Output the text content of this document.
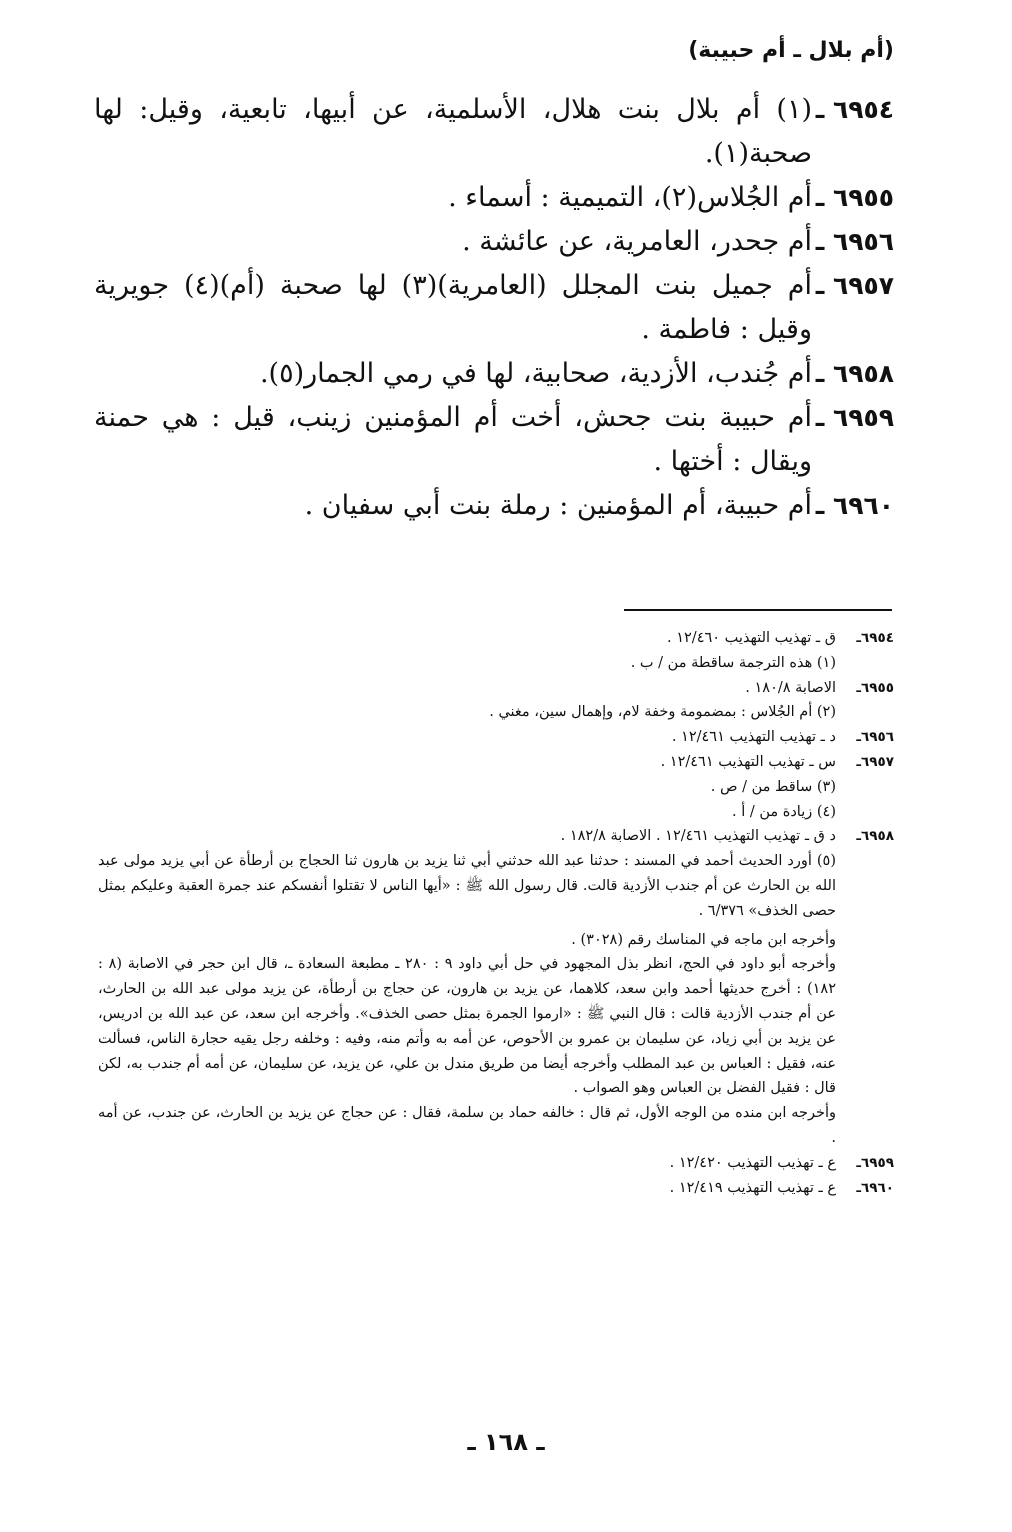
(أم بلال ـ أم حبيبة)
٦٩٥٤ ـ
(١) أم بلال بنت هلال، الأسلمية، عن أبيها، تابعية، وقيل: لها صحبة(١).
٦٩٥٥ ـ
أم الجُلاس(٢)، التميمية : أسماء .
٦٩٥٦ ـ
أم جحدر، العامرية، عن عائشة .
٦٩٥٧ ـ
أم جميل بنت المجلل (العامرية)(٣) لها صحبة (أم)(٤) جويرية وقيل : فاطمة .
٦٩٥٨ ـ
أم جُندب، الأزدية، صحابية، لها في رمي الجمار(٥).
٦٩٥٩ ـ
أم حبيبة بنت جحش، أخت أم المؤمنين زينب، قيل : هي حمنة ويقال : أختها .
٦٩٦٠ ـ
أم حبيبة، أم المؤمنين : رملة بنت أبي سفيان .
٦٩٥٤ـ
ق ـ تهذيب التهذيب ١٢/٤٦٠ .
(١) هذه الترجمة ساقطة من / ب .
٦٩٥٥ـ
الاصابة ١٨٠/٨ .
(٢) أم الجُلاس : بمضمومة وخفة لام، وإهمال سين، مغني .
٦٩٥٦ـ
د ـ تهذيب التهذيب ١٢/٤٦١ .
٦٩٥٧ـ
س ـ تهذيب التهذيب ١٢/٤٦١ .
(٣) ساقط من / ص .
(٤) زيادة من / أ .
٦٩٥٨ـ
د ق ـ تهذيب التهذيب ١٢/٤٦١ . الاصابة ١٨٢/٨ .
(٥) أورد الحديث أحمد في المسند : حدثنا عبد الله حدثني أبي ثنا يزيد بن هارون ثنا الحجاج بن أرطأة عن أبي يزيد مولى عبد الله بن الحارث عن أم جندب الأزدية قالت. قال رسول الله ﷺ : «أيها الناس لا تقتلوا أنفسكم عند جمرة العقبة وعليكم بمثل حصى الخذف» ٦/٣٧٦ .
وأخرجه ابن ماجه في المناسك رقم (٣٠٢٨) .
وأخرجه أبو داود في الحج، انظر بذل المجهود في حل أبي داود ٩ : ٢٨٠ ـ مطبعة السعادة ـ، قال ابن حجر في الاصابة (٨ : ١٨٢) : أخرج حديثها أحمد وابن سعد، كلاهما، عن يزيد بن هارون، عن حجاج بن أرطأة، عن يزيد مولى عبد الله بن الحارث، عن أم جندب الأزدية قالت : قال النبي ﷺ : «ارموا الجمرة بمثل حصى الخذف». وأخرجه ابن سعد، عن عبد الله بن ادريس، عن يزيد بن أبي زياد، عن سليمان بن عمرو بن الأحوص، عن أمه به وأتم منه، وفيه : وخلفه رجل يقيه حجارة الناس، فسألت عنه، فقيل : العباس بن عبد المطلب وأخرجه أيضا من طريق مندل بن علي، عن يزيد، عن سليمان، عن أمه أم جندب به، لكن قال : فقيل الفضل بن العباس وهو الصواب .
وأخرجه ابن منده من الوجه الأول، ثم قال : خالفه حماد بن سلمة، فقال : عن حجاج عن يزيد بن الحارث، عن جندب، عن أمه .
٦٩٥٩ـ
ع ـ تهذيب التهذيب ١٢/٤٢٠ .
٦٩٦٠ـ
ع ـ تهذيب التهذيب ١٢/٤١٩ .
ـ ١٦٨ ـ
